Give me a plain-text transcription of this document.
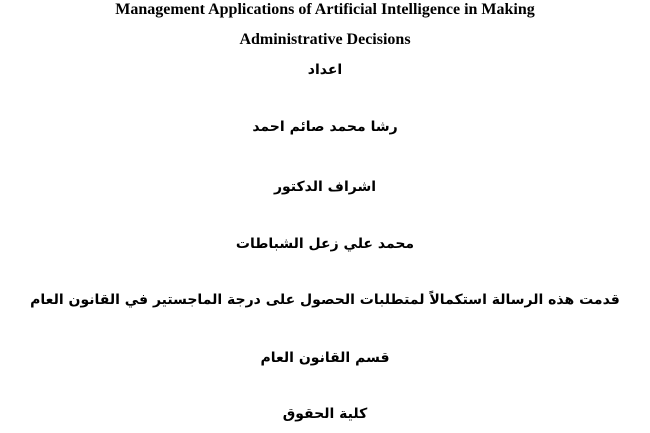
Management Applications of Artificial Intelligence in Making
Administrative Decisions
اعداد
رشا محمد صائم احمد
اشراف الدكتور
محمد علي زعل الشباطات
قدمت هذه الرسالة استكمالاً لمتطلبات الحصول على درجة الماجستير في القانون العام
قسم القانون العام
كلية الحقوق
